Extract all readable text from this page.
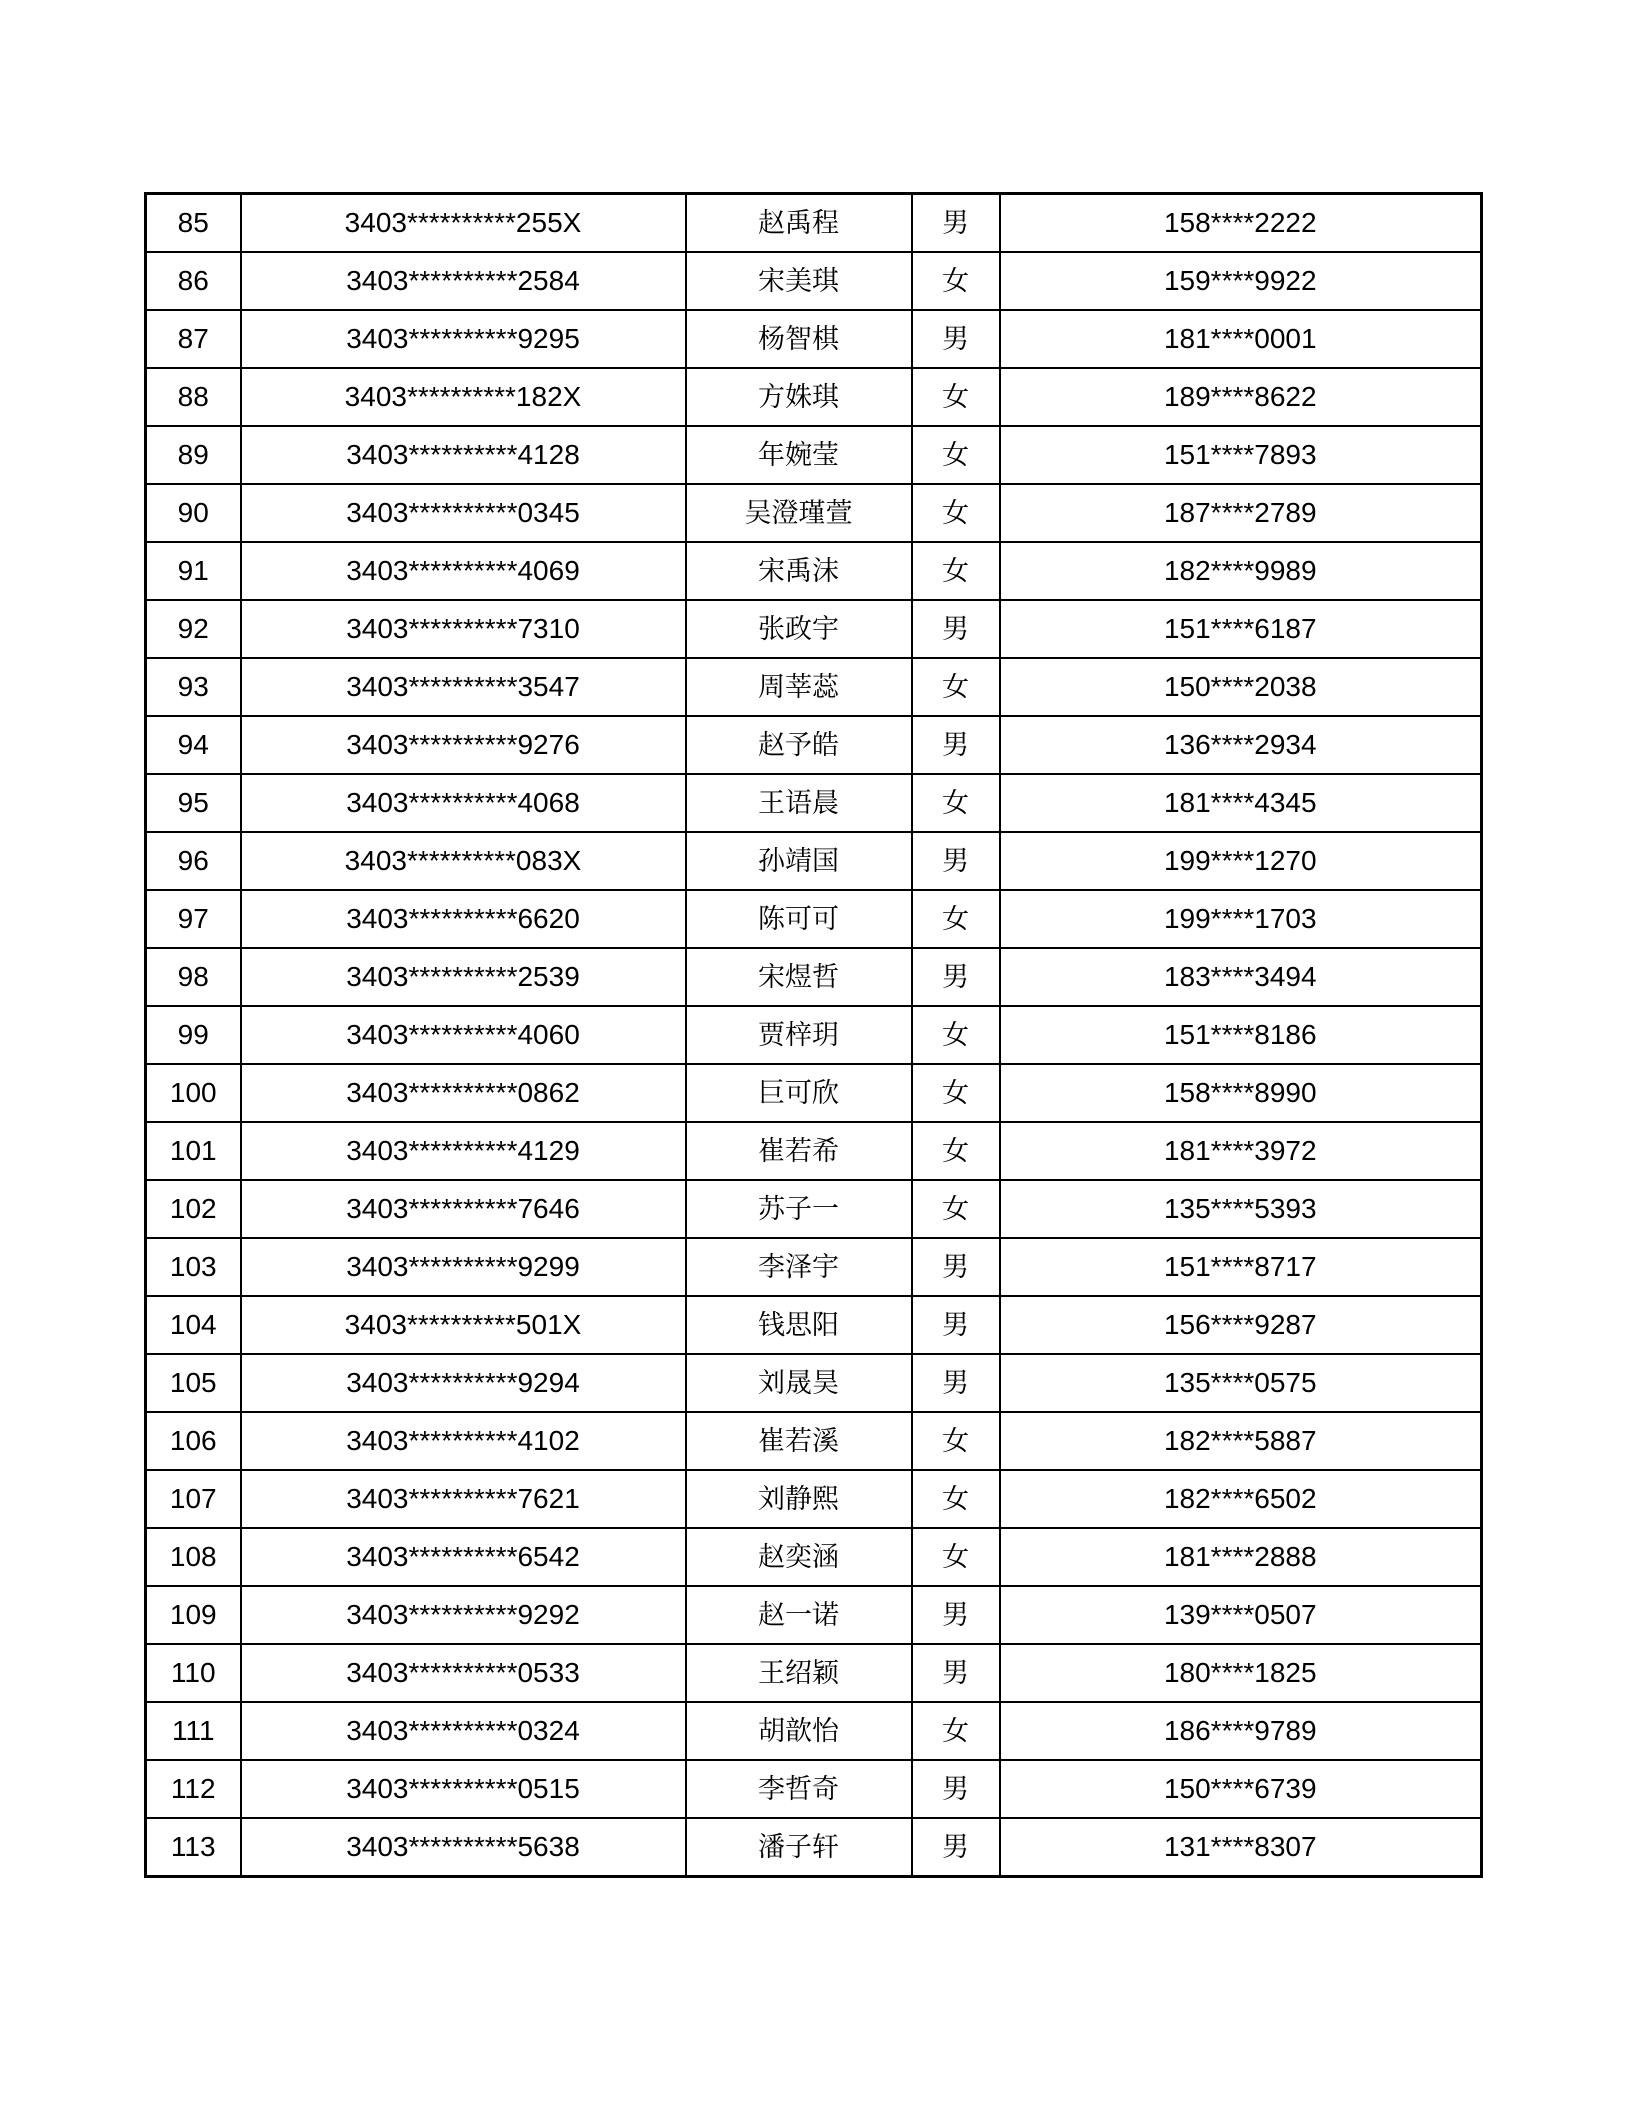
85	3403**********255X	赵禹程	男	158****2222
86	3403**********2584	宋美琪	女	159****9922
87	3403**********9295	杨智棋	男	181****0001
88	3403**********182X	方姝琪	女	189****8622
89	3403**********4128	年婉莹	女	151****7893
90	3403**********0345	吴澄瑾萱	女	187****2789
91	3403**********4069	宋禹沫	女	182****9989
92	3403**********7310	张政宇	男	151****6187
93	3403**********3547	周莘蕊	女	150****2038
94	3403**********9276	赵予皓	男	136****2934
95	3403**********4068	王语晨	女	181****4345
96	3403**********083X	孙靖国	男	199****1270
97	3403**********6620	陈可可	女	199****1703
98	3403**********2539	宋煜哲	男	183****3494
99	3403**********4060	贾梓玥	女	151****8186
100	3403**********0862	巨可欣	女	158****8990
101	3403**********4129	崔若希	女	181****3972
102	3403**********7646	苏子一	女	135****5393
103	3403**********9299	李泽宇	男	151****8717
104	3403**********501X	钱思阳	男	156****9287
105	3403**********9294	刘晟昊	男	135****0575
106	3403**********4102	崔若溪	女	182****5887
107	3403**********7621	刘静熙	女	182****6502
108	3403**********6542	赵奕涵	女	181****2888
109	3403**********9292	赵一诺	男	139****0507
110	3403**********0533	王绍颖	男	180****1825
111	3403**********0324	胡歆怡	女	186****9789
112	3403**********0515	李哲奇	男	150****6739
113	3403**********5638	潘子轩	男	131****8307
